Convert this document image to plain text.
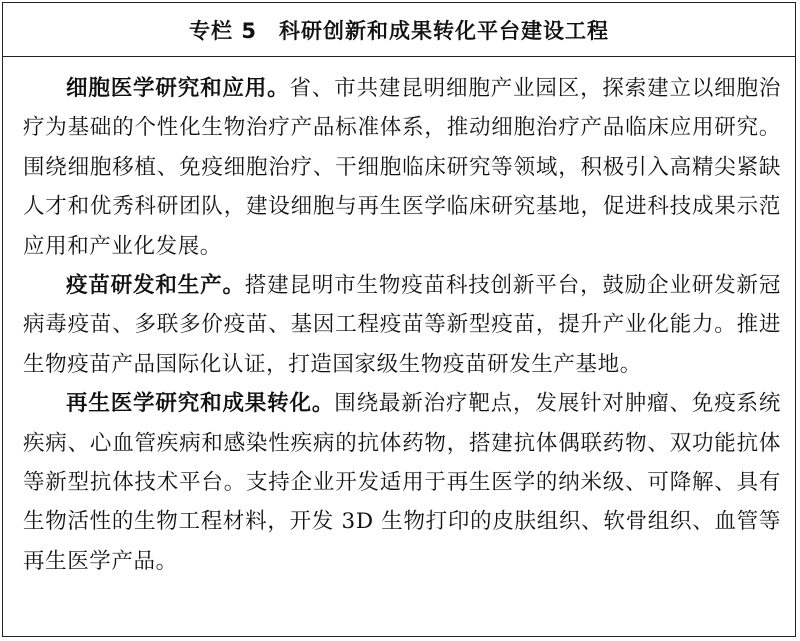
专栏 5 科研创新和成果转化平台建设工程

细胞医学研究和应用。省、市共建昆明细胞产业园区，探索建立以细胞治疗为基础的个性化生物治疗产品标准体系，推动细胞治疗产品临床应用研究。围绕细胞移植、免疫细胞治疗、干细胞临床研究等领域，积极引入高精尖紧缺人才和优秀科研团队，建设细胞与再生医学临床研究基地，促进科技成果示范应用和产业化发展。

疫苗研发和生产。搭建昆明市生物疫苗科技创新平台，鼓励企业研发新冠病毒疫苗、多联多价疫苗、基因工程疫苗等新型疫苗，提升产业化能力。推进生物疫苗产品国际化认证，打造国家级生物疫苗研发生产基地。

再生医学研究和成果转化。围绕最新治疗靶点，发展针对肿瘤、免疫系统疾病、心血管疾病和感染性疾病的抗体药物，搭建抗体偶联药物、双功能抗体等新型抗体技术平台。支持企业开发适用于再生医学的纳米级、可降解、具有生物活性的生物工程材料，开发 3D 生物打印的皮肤组织、软骨组织、血管等再生医学产品。
